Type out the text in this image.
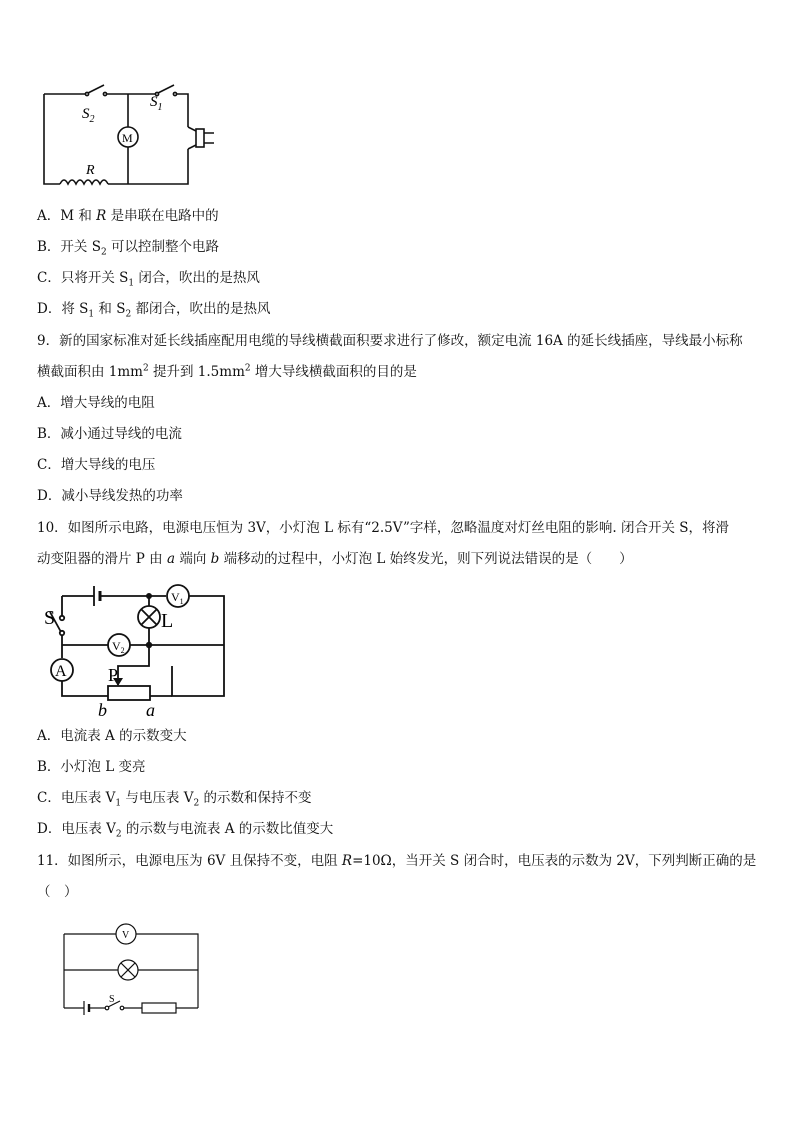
$S_2$
$S_1$
M
R
A．M 和 R 是串联在电路中的
B．开关 $S_2$ 可以控制整个电路
C．只将开关 $S_1$ 闭合，吹出的是热风
D．将 $S_1$ 和 $S_2$ 都闭合，吹出的是热风
9．新的国家标准对延长线插座配用电缆的导线横截面积要求进行了修改，额定电流 16A 的延长线插座，导线最小标称
横截面积由 $1mm^2$ 提升到 $1.5mm^2$ 增大导线横截面积的目的是
A．增大导线的电阻
B．减小通过导线的电流
C．增大导线的电压
D．减小导线发热的功率
10．如图所示电路，电源电压恒为 3V，小灯泡 L 标有“2.5V”字样，忽略温度对灯丝电阻的影响. 闭合开关 S，将滑
动变阻器的滑片 P 由 a 端向 b 端移动的过程中，小灯泡 L 始终发光，则下列说法错误的是（　　）
S
$V_1$
L
$V_2$
A P
b a
A．电流表 A 的示数变大
B．小灯泡 L 变亮
C．电压表 $V_1$ 与电压表 $V_2$ 的示数和保持不变
D．电压表 $V_2$ 的示数与电流表 A 的示数比值变大
11．如图所示，电源电压为 6V 且保持不变，电阻 R=10Ω，当开关 S 闭合时，电压表的示数为 2V，下列判断正确的是
（　）
V
S
